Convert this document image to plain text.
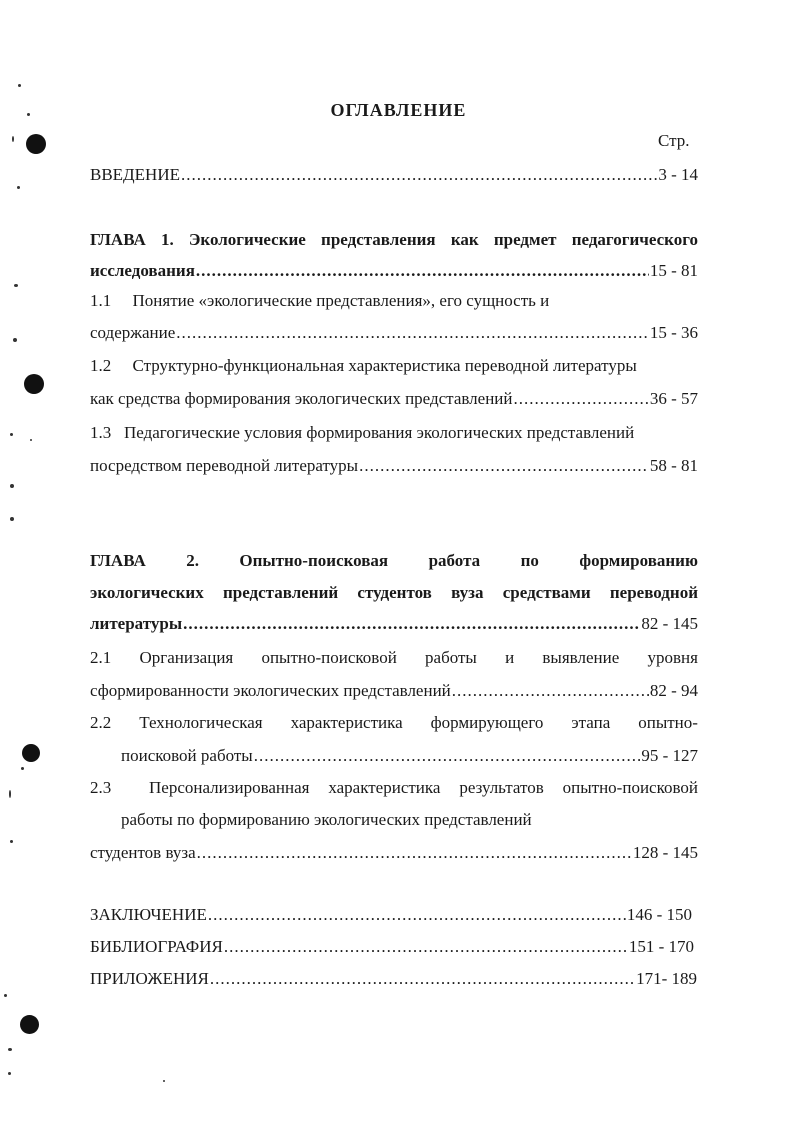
ОГЛАВЛЕНИЕ
Стр.
ВВЕДЕНИЕ .....	3 - 14
ГЛАВА 1. Экологические представления как предмет педагогического
исследования .....	15 - 81
1.1     Понятие «экологические представления», его сущность и
содержание .....	15 - 36
1.2     Структурно-функциональная характеристика переводной литературы
как средства формирования экологических представлений .....	36 - 57
1.3   Педагогические условия формирования экологических представлений
посредством переводной литературы .....	58 - 81
ГЛАВА 2. Опытно-поисковая работа по формированию
экологических представлений студентов вуза средствами переводной
литературы .....	82 - 145
2.1 Организация опытно-поисковой работы и выявление уровня
сформированности экологических представлений .....	82 - 94
2.2 Технологическая характеристика формирующего этапа опытно-
поисковой работы .....	95 - 127
2.3  Персонализированная характеристика результатов опытно-поисковой
работы по формированию экологических представлений
студентов вуза .....	128 - 145
ЗАКЛЮЧЕНИЕ .....	146 - 150
БИБЛИОГРАФИЯ .....	151 - 170
ПРИЛОЖЕНИЯ .....	171- 189
